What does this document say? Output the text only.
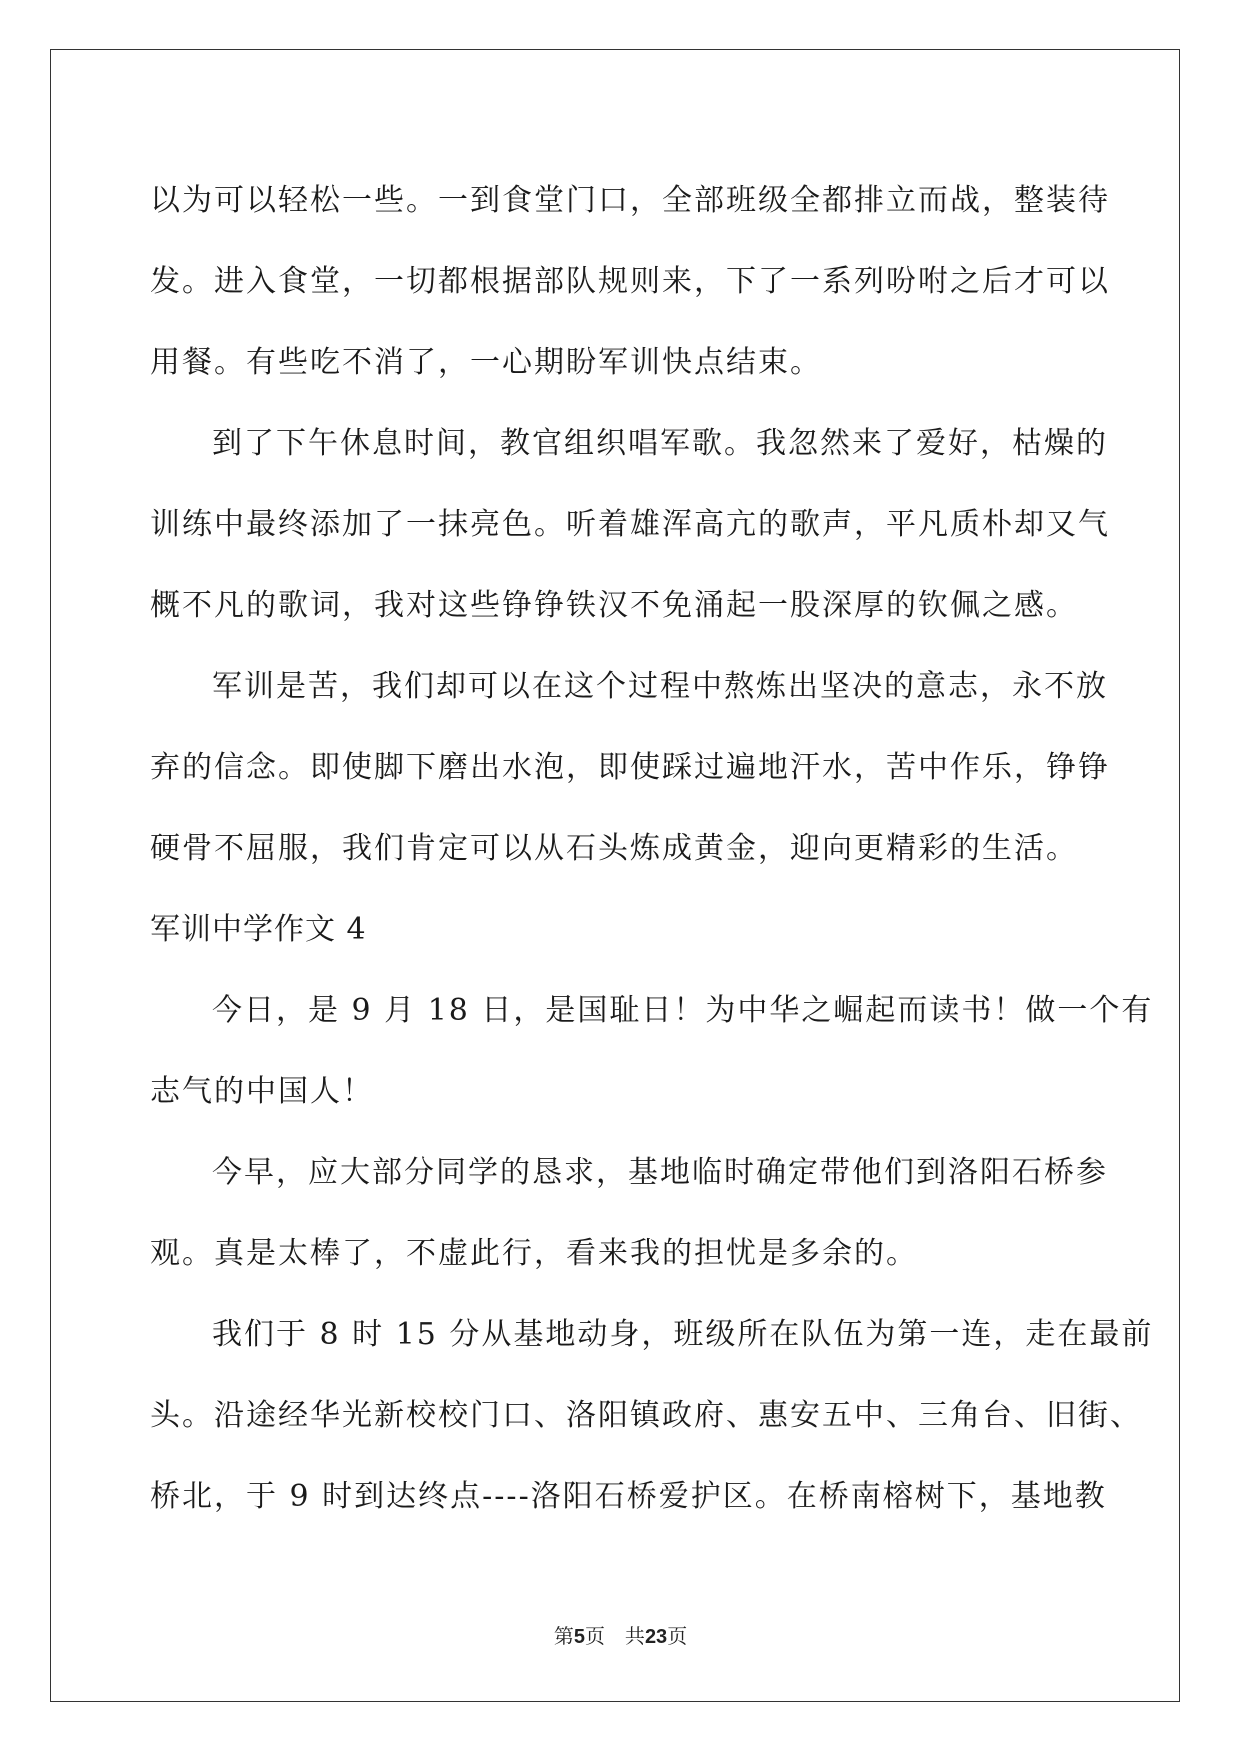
以为可以轻松一些。一到食堂门口，全部班级全都排立而战，整装待
发。进入食堂，一切都根据部队规则来，下了一系列吩咐之后才可以
用餐。有些吃不消了，一心期盼军训快点结束。

到了下午休息时间，教官组织唱军歌。我忽然来了爱好，枯燥的
训练中最终添加了一抹亮色。听着雄浑高亢的歌声，平凡质朴却又气
概不凡的歌词，我对这些铮铮铁汉不免涌起一股深厚的钦佩之感。

军训是苦，我们却可以在这个过程中熬炼出坚决的意志，永不放
弃的信念。即使脚下磨出水泡，即使踩过遍地汗水，苦中作乐，铮铮
硬骨不屈服，我们肯定可以从石头炼成黄金，迎向更精彩的生活。

军训中学作文 4

今日，是 9 月 18 日，是国耻日！为中华之崛起而读书！做一个有
志气的中国人！

今早，应大部分同学的恳求，基地临时确定带他们到洛阳石桥参
观。真是太棒了，不虚此行，看来我的担忧是多余的。

我们于 8 时 15 分从基地动身，班级所在队伍为第一连，走在最前
头。沿途经华光新校校门口、洛阳镇政府、惠安五中、三角台、旧街、
桥北，于 9 时到达终点----洛阳石桥爱护区。在桥南榕树下，基地教

第5页　共23页
